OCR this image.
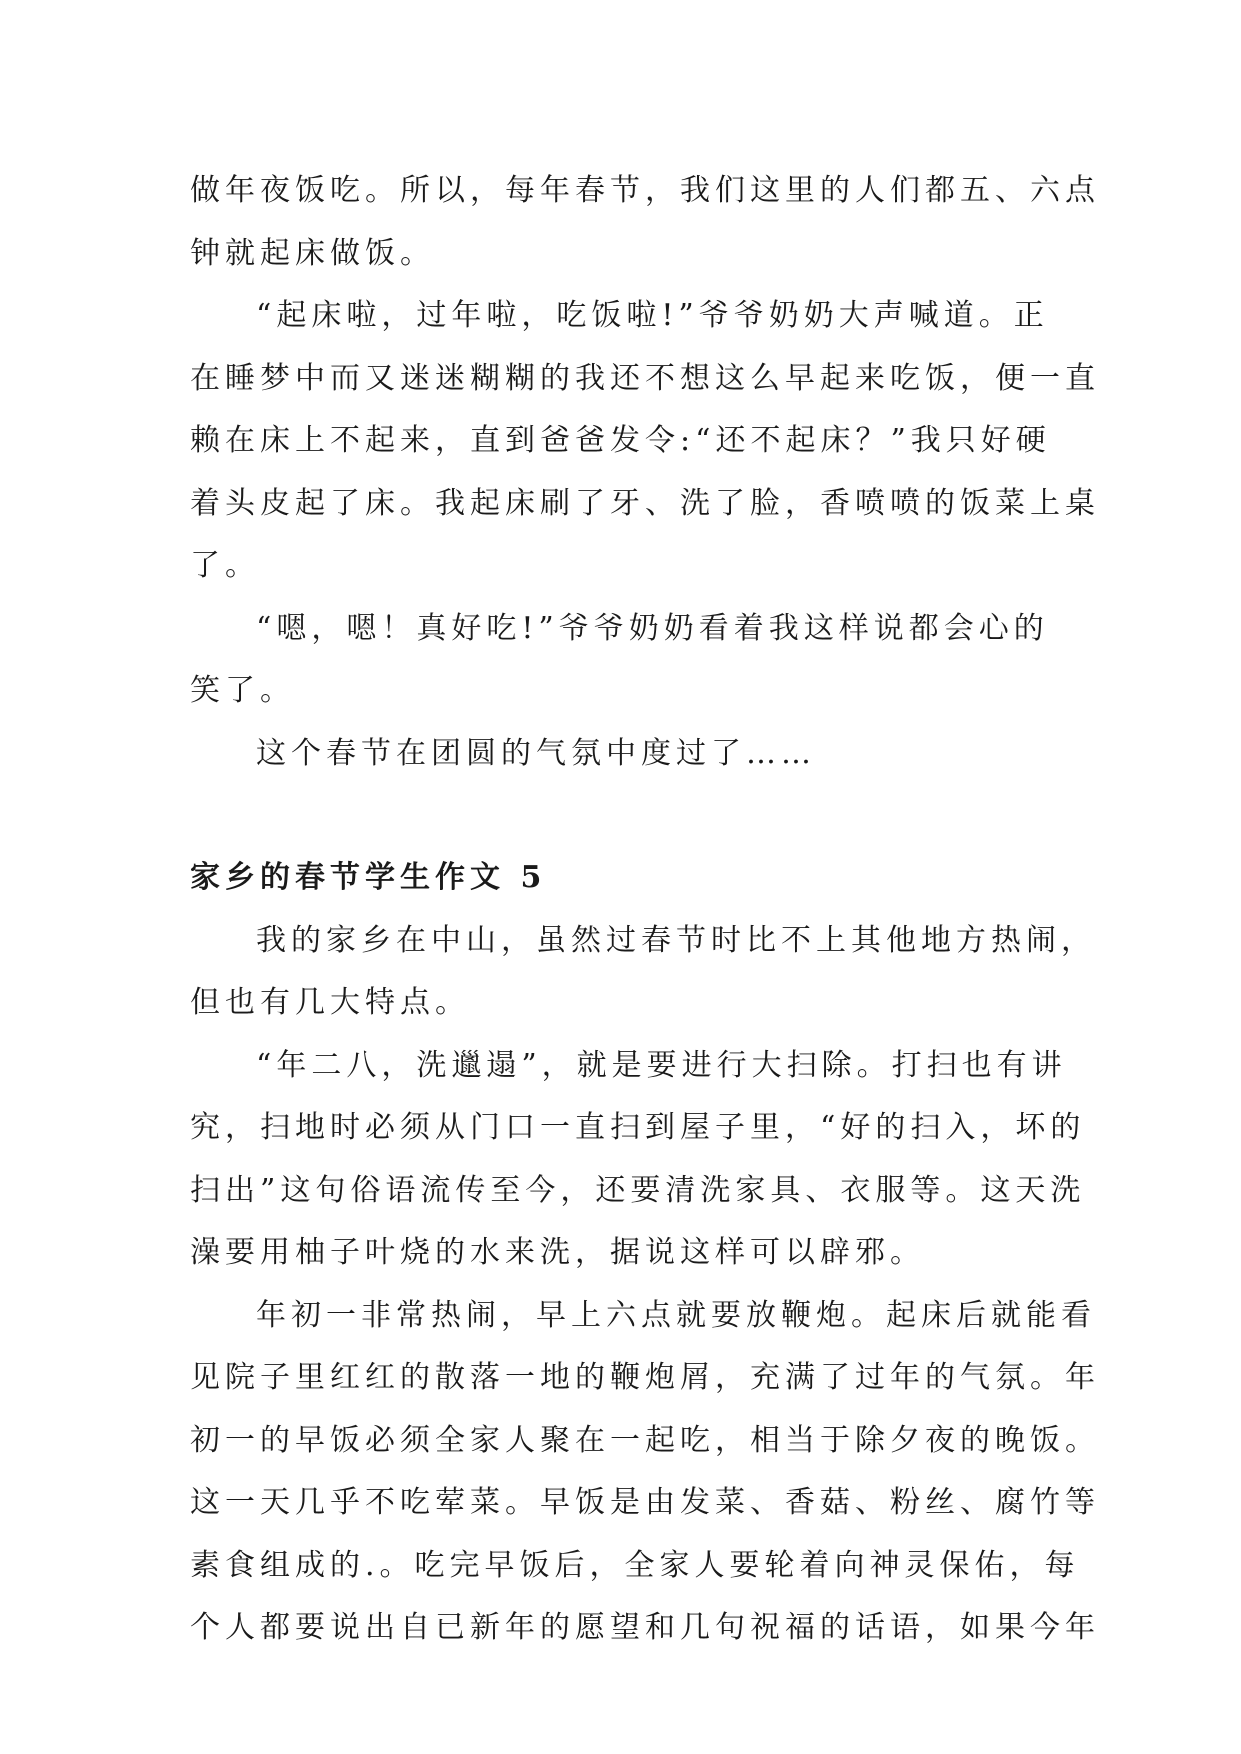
做年夜饭吃。所以，每年春节，我们这里的人们都五、六点
钟就起床做饭。

“起床啦，过年啦，吃饭啦!”爷爷奶奶大声喊道。正
在睡梦中而又迷迷糊糊的我还不想这么早起来吃饭，便一直
赖在床上不起来，直到爸爸发令:“还不起床？”我只好硬
着头皮起了床。我起床刷了牙、洗了脸，香喷喷的饭菜上桌
了。

“嗯，嗯！真好吃!”爷爷奶奶看着我这样说都会心的
笑了。

这个春节在团圆的气氛中度过了……

家乡的春节学生作文 5

我的家乡在中山，虽然过春节时比不上其他地方热闹，
但也有几大特点。

“年二八，洗邋遢”，就是要进行大扫除。打扫也有讲
究，扫地时必须从门口一直扫到屋子里，“好的扫入，坏的
扫出”这句俗语流传至今，还要清洗家具、衣服等。这天洗
澡要用柚子叶烧的水来洗，据说这样可以辟邪。

年初一非常热闹，早上六点就要放鞭炮。起床后就能看
见院子里红红的散落一地的鞭炮屑，充满了过年的气氛。年
初一的早饭必须全家人聚在一起吃，相当于除夕夜的晚饭。
这一天几乎不吃荤菜。早饭是由发菜、香菇、粉丝、腐竹等
素食组成的.。吃完早饭后，全家人要轮着向神灵保佑，每
个人都要说出自已新年的愿望和几句祝福的话语，如果今年
